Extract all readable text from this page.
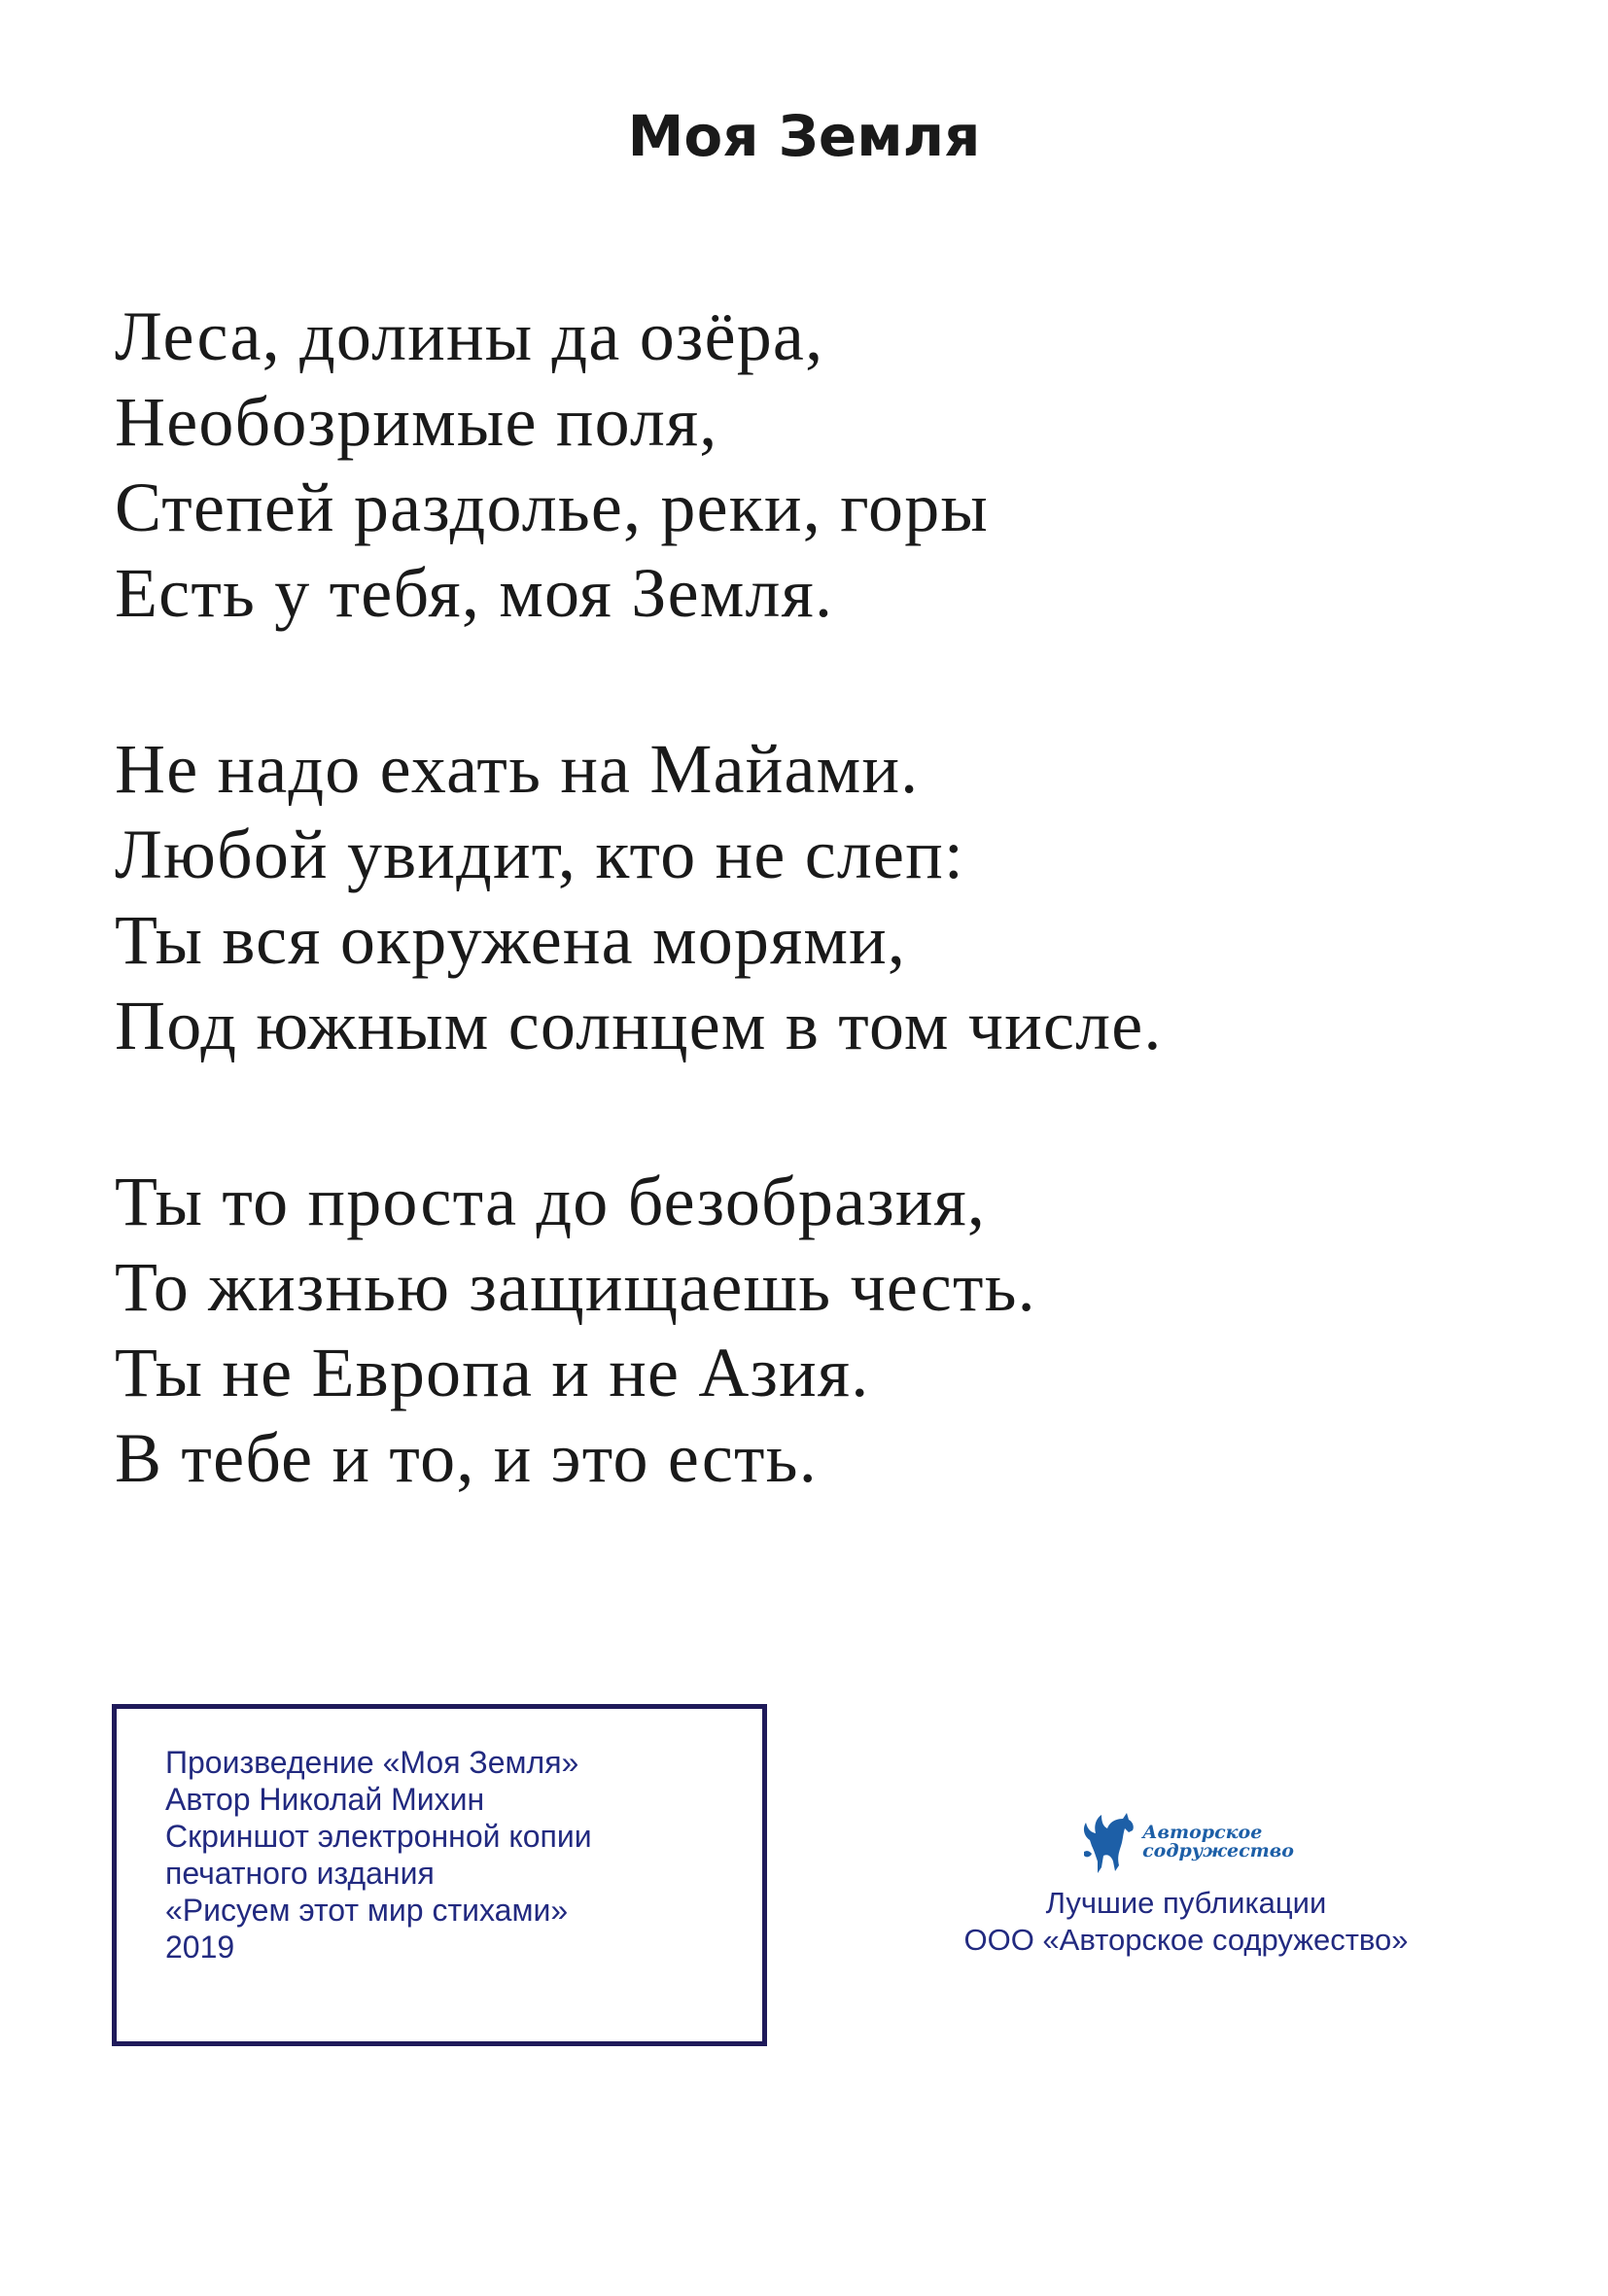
Моя Земля
Леса, долины да озёра,
Необозримые поля,
Степей раздолье, реки, горы
Есть у тебя, моя Земля.
Не надо ехать на Майами.
Любой увидит, кто не слеп:
Ты вся окружена морями,
Под южным солнцем в том числе.
Ты то проста до безобразия,
То жизнью защищаешь честь.
Ты не Европа и не Азия.
В тебе и то, и это есть.
Произведение «Моя Земля»
Автор Николай Михин
Скриншот электронной копии
печатного издания
«Рисуем этот мир стихами»
2019
Авторское
содружество
Лучшие публикации
ООО «Авторское содружество»
